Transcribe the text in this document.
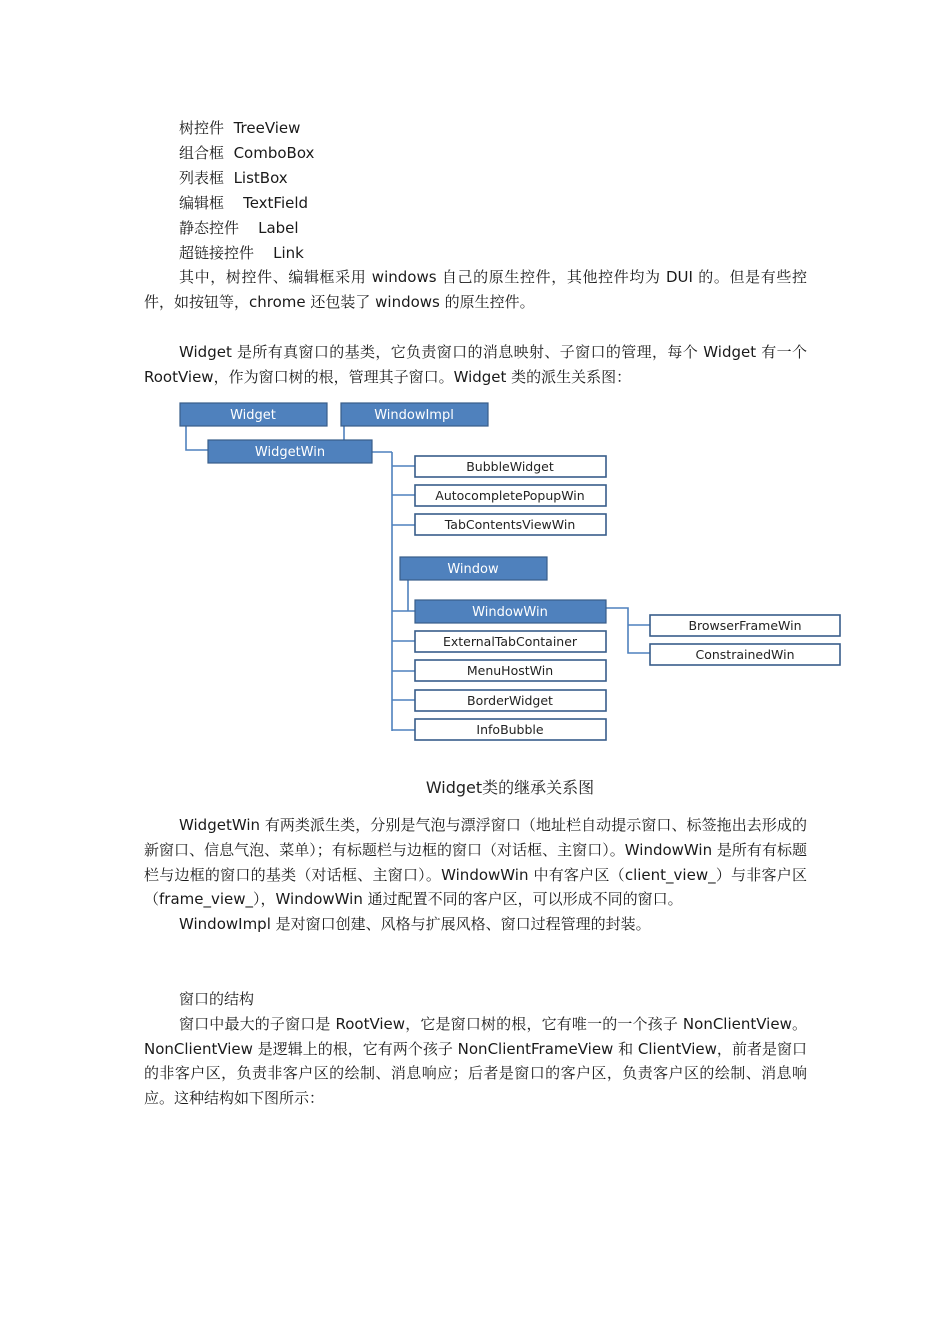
树控件 TreeView
组合框 ComboBox
列表框 ListBox
编辑框 TextField
静态控件 Label
超链接控件 Link

其中，树控件、编辑框采用 windows 自己的原生控件，其他控件均为 DUI 的。但是有些控件，如按钮等，chrome 还包装了 windows 的原生控件。

Widget 是所有真窗口的基类，它负责窗口的消息映射、子窗口的管理，每个 Widget 有一个 RootView，作为窗口树的根，管理其子窗口。Widget 类的派生关系图：

Widget	WindowImpl
WidgetWin
Window
WindowWin
BubbleWidget
AutocompletePopupWin
TabContentsViewWin
ExternalTabContainer
MenuHostWin
BorderWidget
InfoBubble
BrowserFrameWin
ConstrainedWin
Widget类的继承关系图

WidgetWin 有两类派生类，分别是气泡与漂浮窗口（地址栏自动提示窗口、标签拖出去形成的新窗口、信息气泡、菜单）；有标题栏与边框的窗口（对话框、主窗口）。WindowWin 是所有有标题栏与边框的窗口的基类（对话框、主窗口）。WindowWin 中有客户区（client_view_）与非客户区（frame_view_），WindowWin 通过配置不同的客户区，可以形成不同的窗口。

WindowImpl 是对窗口创建、风格与扩展风格、窗口过程管理的封装。

窗口的结构

窗口中最大的子窗口是 RootView，它是窗口树的根，它有唯一的一个孩子 NonClientView。NonClientView 是逻辑上的根，它有两个孩子 NonClientFrameView 和 ClientView，前者是窗口的非客户区，负责非客户区的绘制、消息响应；后者是窗口的客户区，负责客户区的绘制、消息响应。这种结构如下图所示：
